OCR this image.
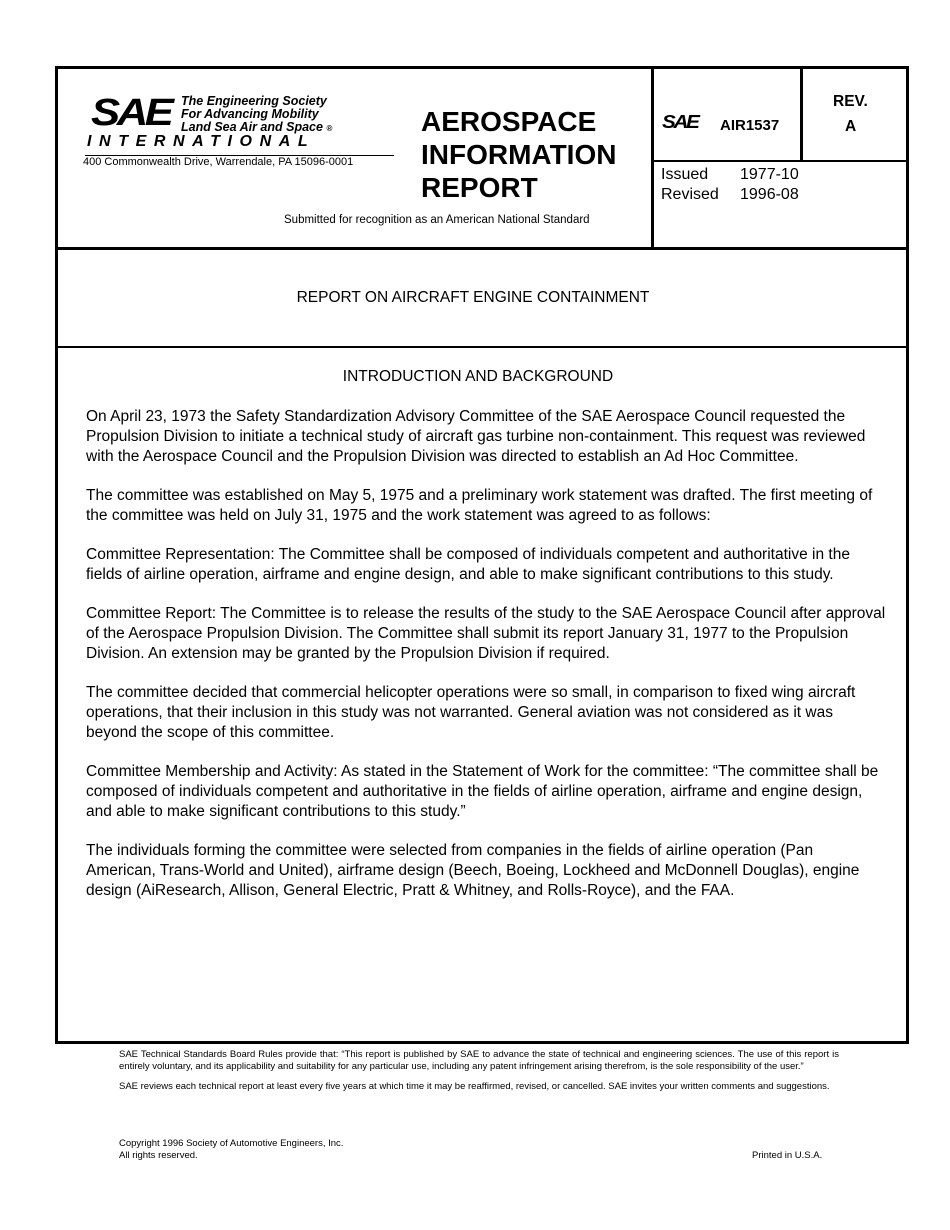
SAE The Engineering Society
For Advancing Mobility
Land Sea Air and Space ®
INTERNATIONAL
400 Commonwealth Drive, Warrendale, PA 15096-0001
AEROSPACE
INFORMATION
REPORT
Submitted for recognition as an American National Standard
SAE AIR1537
REV.
A
Issued 1977-10
Revised 1996-08
REPORT ON AIRCRAFT ENGINE CONTAINMENT
INTRODUCTION AND BACKGROUND

On April 23, 1973 the Safety Standardization Advisory Committee of the SAE Aerospace Council requested the Propulsion Division to initiate a technical study of aircraft gas turbine non-containment. This request was reviewed with the Aerospace Council and the Propulsion Division was directed to establish an Ad Hoc Committee.

The committee was established on May 5, 1975 and a preliminary work statement was drafted. The first meeting of the committee was held on July 31, 1975 and the work statement was agreed to as follows:

Committee Representation: The Committee shall be composed of individuals competent and authoritative in the fields of airline operation, airframe and engine design, and able to make significant contributions to this study.

Committee Report: The Committee is to release the results of the study to the SAE Aerospace Council after approval of the Aerospace Propulsion Division. The Committee shall submit its report January 31, 1977 to the Propulsion Division. An extension may be granted by the Propulsion Division if required.

The committee decided that commercial helicopter operations were so small, in comparison to fixed wing aircraft operations, that their inclusion in this study was not warranted. General aviation was not considered as it was beyond the scope of this committee.

Committee Membership and Activity: As stated in the Statement of Work for the committee: “The committee shall be composed of individuals competent and authoritative in the fields of airline operation, airframe and engine design, and able to make significant contributions to this study.”

The individuals forming the committee were selected from companies in the fields of airline operation (Pan American, Trans-World and United), airframe design (Beech, Boeing, Lockheed and McDonnell Douglas), engine design (AiResearch, Allison, General Electric, Pratt & Whitney, and Rolls-Royce), and the FAA.

SAE Technical Standards Board Rules provide that: “This report is published by SAE to advance the state of technical and engineering sciences. The use of this report is entirely voluntary, and its applicability and suitability for any particular use, including any patent infringement arising therefrom, is the sole responsibility of the user.”

SAE reviews each technical report at least every five years at which time it may be reaffirmed, revised, or cancelled. SAE invites your written comments and suggestions.

Copyright 1996 Society of Automotive Engineers, Inc.
All rights reserved.	Printed in U.S.A.
